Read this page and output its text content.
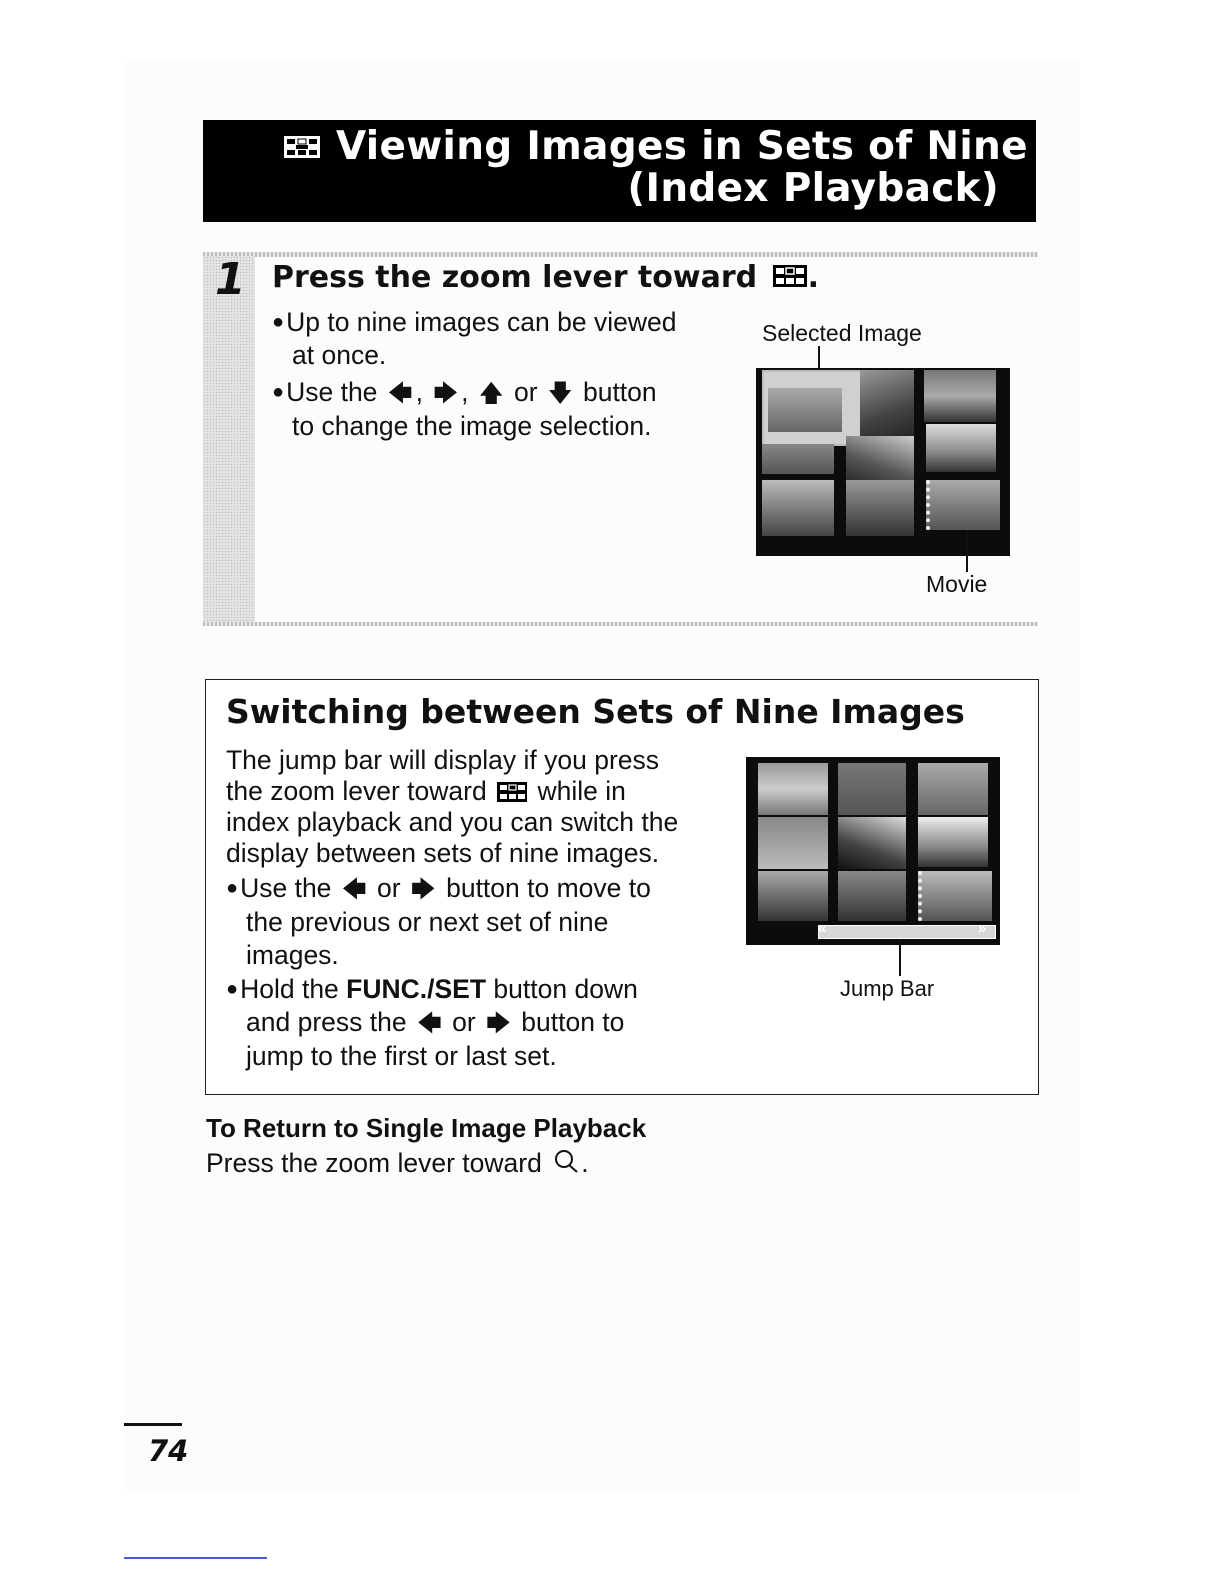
Viewing Images in Sets of Nine
(Index Playback)
1 Press the zoom lever toward .
●Up to nine images can be viewed
at once.
●Use the 🡄 , 🡆 , 🡅 or 🡇 button
to change the image selection.
Selected Image
Movie
Switching between Sets of Nine Images
The jump bar will display if you press
the zoom lever toward while in
index playback and you can switch the
display between sets of nine images.
●Use the 🡄 or 🡆 button to move to
the previous or next set of nine
images.
●Hold the FUNC./SET button down
and press the 🡄 or 🡆 button to
jump to the first or last set.
«	»
Jump Bar
To Return to Single Image Playback
Press the zoom lever toward .
74
